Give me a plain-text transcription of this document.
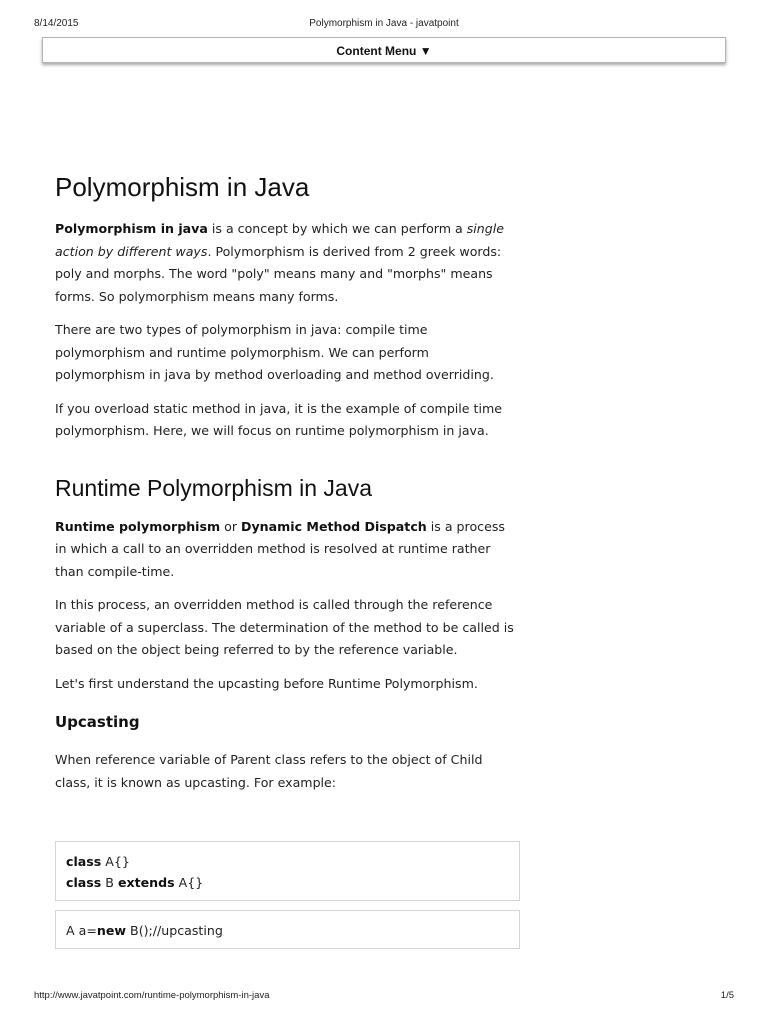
8/14/2015	Polymorphism in Java - javatpoint
Content Menu ▼
Polymorphism in Java

Polymorphism in java is a concept by which we can perform a single action by different ways. Polymorphism is derived from 2 greek words: poly and morphs. The word "poly" means many and "morphs" means forms. So polymorphism means many forms.

There are two types of polymorphism in java: compile time polymorphism and runtime polymorphism. We can perform polymorphism in java by method overloading and method overriding.

If you overload static method in java, it is the example of compile time polymorphism. Here, we will focus on runtime polymorphism in java.

Runtime Polymorphism in Java

Runtime polymorphism or Dynamic Method Dispatch is a process in which a call to an overridden method is resolved at runtime rather than compile-time.

In this process, an overridden method is called through the reference variable of a superclass. The determination of the method to be called is based on the object being referred to by the reference variable.

Let's first understand the upcasting before Runtime Polymorphism.

Upcasting

When reference variable of Parent class refers to the object of Child class, it is known as upcasting. For example:

class A{}
class B extends A{}
A a=new B();//upcasting
http://www.javatpoint.com/runtime-polymorphism-in-java	1/5
